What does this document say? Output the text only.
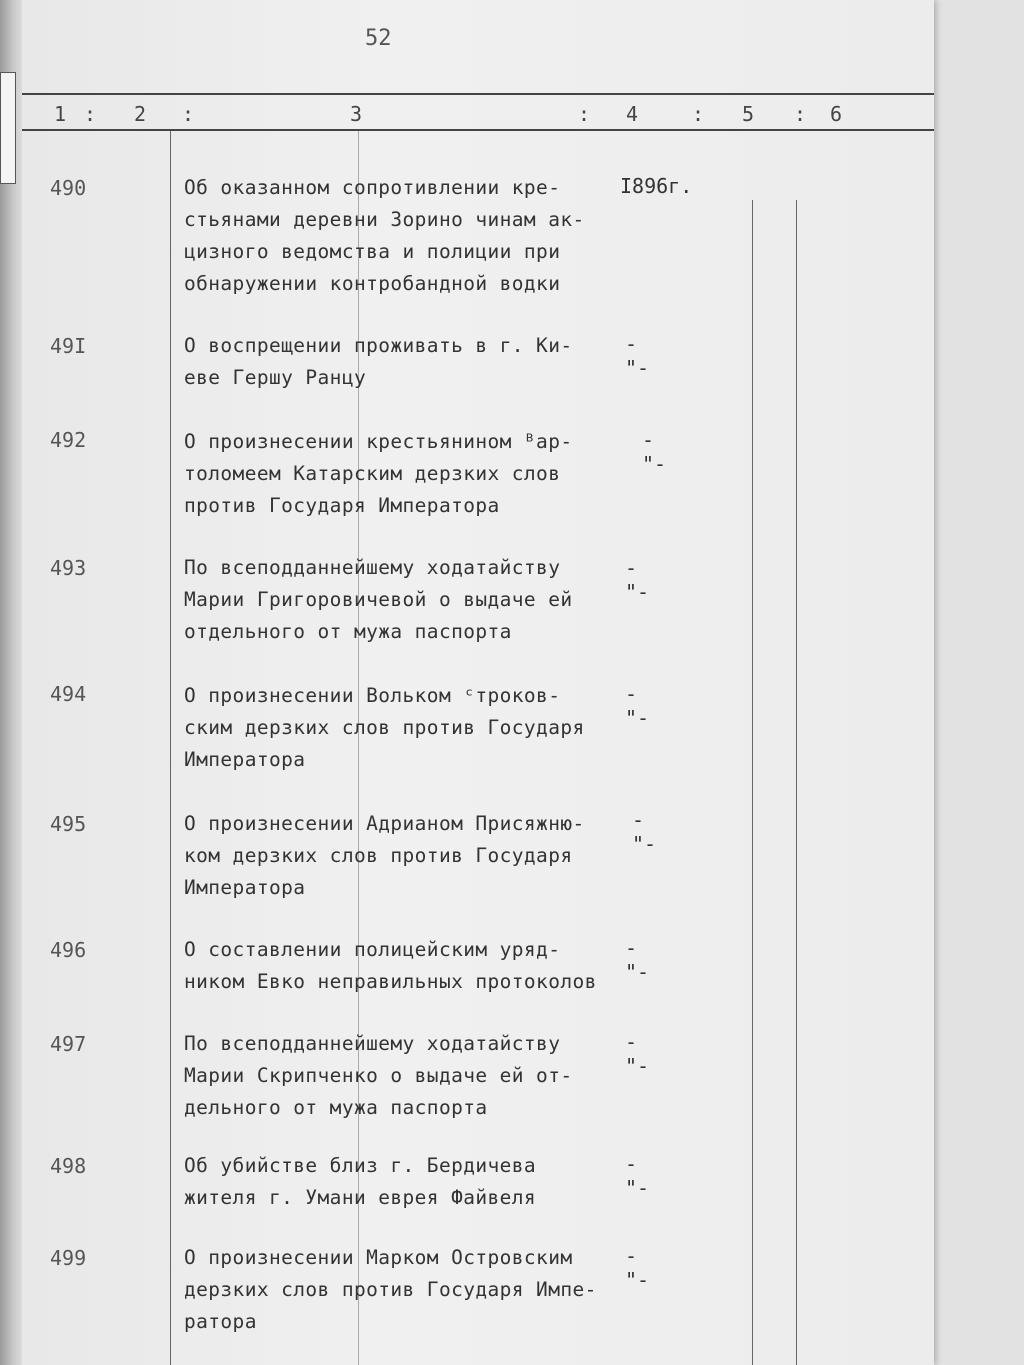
52
1 : 2 :	3	: 4	: 5 : 6
490	Об оказанном сопротивлении кре-
стьянами деревни Зорино чинам ак-
цизного ведомства и полиции при
обнаружении контробандной водки
I896г.
49I	О воспрещении проживать в г. Ки-
еве Гершу Ранцу
-"-
492	О произнесении крестьянином ᴮар-
толомеем Катарским дерзких слов
против Государя Императора
-"-
493	По всеподданнейшему ходатайству
Марии Григоровичевой о выдаче ей
отдельного от мужа паспорта
-"-
494	О произнесении Вольком ᶜтроков-
ским дерзких слов против Государя
Императора
-"-
495	О произнесении Адрианом Присяжню-
ком дерзких слов против Государя
Императора
-"-
496	О составлении полицейским уряд-
ником Евко неправильных протоколов
-"-
497	По всеподданнейшему ходатайству
Марии Скрипченко о выдаче ей от-
дельного от мужа паспорта
-"-
498	Об убийстве близ г. Бердичева
жителя г. Умани еврея Файвеля
-"-
499	О произнесении Марком Островским
дерзких слов против Государя Импе-
ратора
-"-
